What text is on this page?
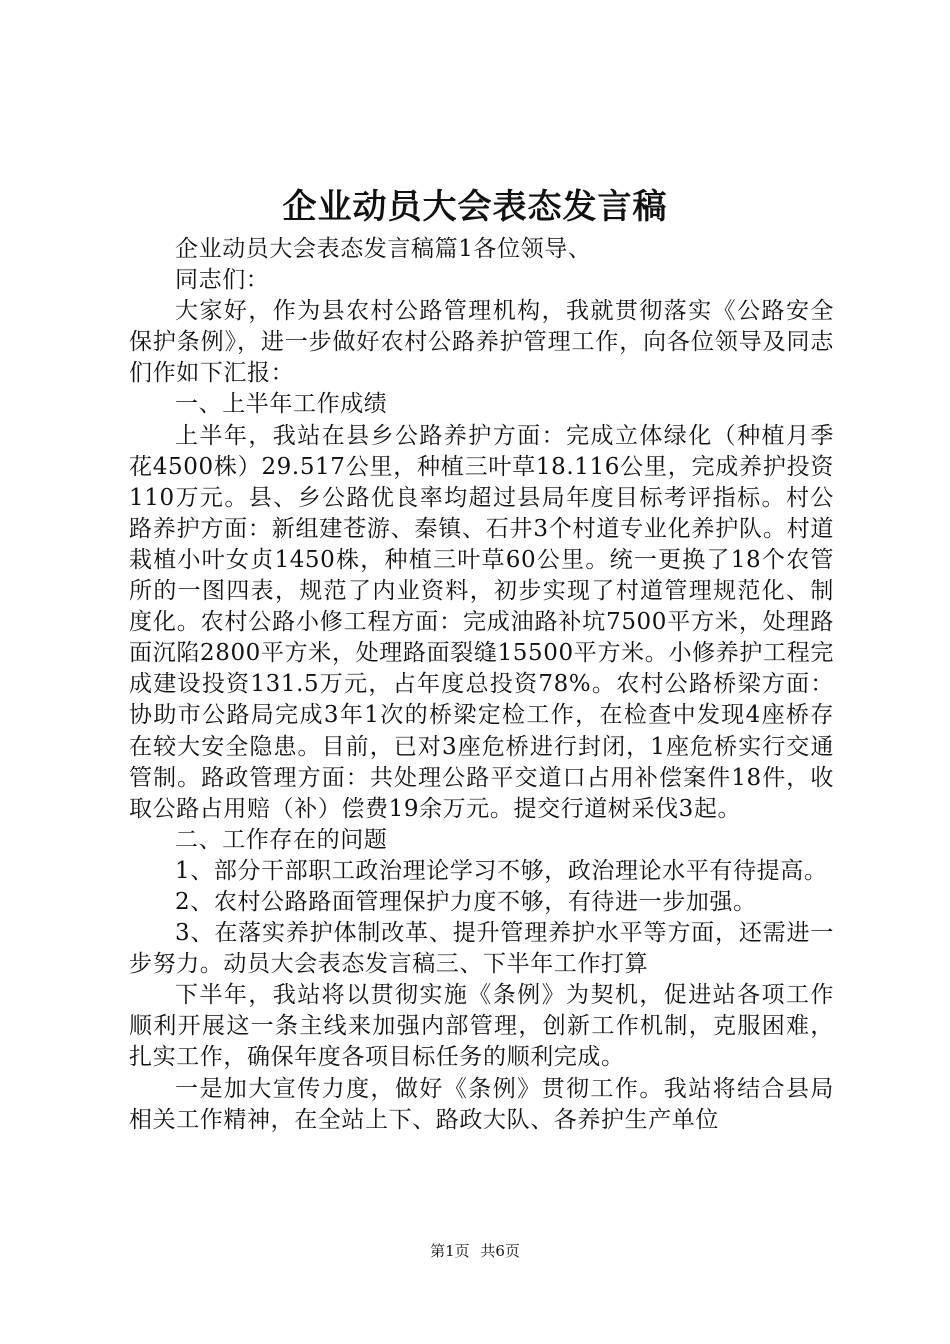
企业动员大会表态发言稿

企业动员大会表态发言稿篇1各位领导、

同志们：

大家好，作为县农村公路管理机构，我就贯彻落实《公路安全保护条例》，进一步做好农村公路养护管理工作，向各位领导及同志们作如下汇报：

一、上半年工作成绩

上半年，我站在县乡公路养护方面：完成立体绿化（种植月季花4500株）29.517公里，种植三叶草18.116公里，完成养护投资110万元。县、乡公路优良率均超过县局年度目标考评指标。村公路养护方面：新组建苍游、秦镇、石井3个村道专业化养护队。村道栽植小叶女贞1450株，种植三叶草60公里。统一更换了18个农管所的一图四表，规范了内业资料，初步实现了村道管理规范化、制度化。农村公路小修工程方面：完成油路补坑7500平方米，处理路面沉陷2800平方米，处理路面裂缝15500平方米。小修养护工程完成建设投资131.5万元，占年度总投资78%。农村公路桥梁方面：协助市公路局完成3年1次的桥梁定检工作，在检查中发现4座桥存在较大安全隐患。目前，已对3座危桥进行封闭，1座危桥实行交通管制。路政管理方面：共处理公路平交道口占用补偿案件18件，收取公路占用赔（补）偿费19余万元。提交行道树采伐3起。

二、工作存在的问题

1、部分干部职工政治理论学习不够，政治理论水平有待提高。

2、农村公路路面管理保护力度不够，有待进一步加强。

3、在落实养护体制改革、提升管理养护水平等方面，还需进一步努力。动员大会表态发言稿三、下半年工作打算

下半年，我站将以贯彻实施《条例》为契机，促进站各项工作顺利开展这一条主线来加强内部管理，创新工作机制，克服困难，扎实工作，确保年度各项目标任务的顺利完成。

一是加大宣传力度，做好《条例》贯彻工作。我站将结合县局相关工作精神，在全站上下、路政大队、各养护生产单位

第1页 共6页
